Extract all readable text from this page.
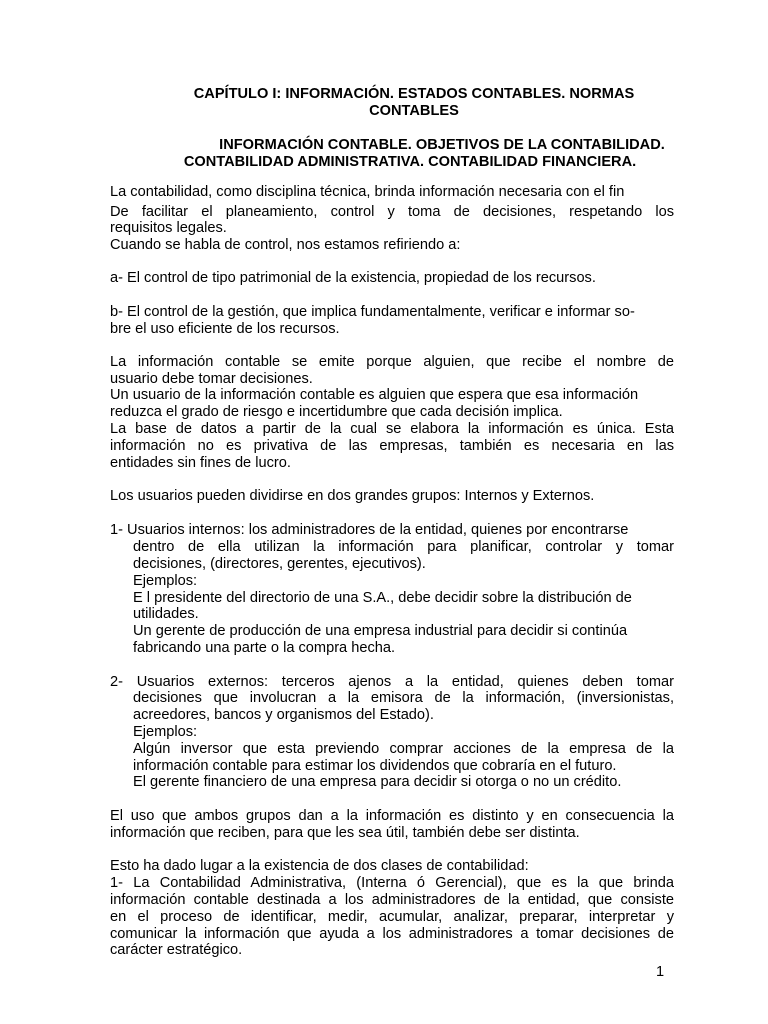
CAPÍTULO I: INFORMACIÓN. ESTADOS CONTABLES. NORMAS
CONTABLES
INFORMACIÓN CONTABLE. OBJETIVOS DE LA CONTABILIDAD.
CONTABILIDAD ADMINISTRATIVA. CONTABILIDAD FINANCIERA.
La contabilidad, como disciplina técnica, brinda información necesaria con el fin
De facilitar el planeamiento, control y toma de decisiones, respetando los
requisitos legales.
Cuando se habla de control, nos estamos refiriendo a:
a- El control de tipo patrimonial de la existencia, propiedad de los recursos.
b- El control de la gestión, que implica fundamentalmente, verificar e informar so-
bre el uso eficiente de los recursos.
La información contable se emite porque alguien, que recibe el nombre de
usuario debe tomar decisiones.
Un usuario de la información contable es alguien que espera que esa información
reduzca el grado de riesgo e incertidumbre que cada decisión implica.
La base de datos a partir de la cual se elabora la información es única. Esta
información no es privativa de las empresas, también es necesaria en las
entidades sin fines de lucro.
Los usuarios pueden dividirse en dos grandes grupos: Internos y Externos.
1- Usuarios internos: los administradores de la entidad, quienes por encontrarse
dentro de ella utilizan la información para planificar, controlar y tomar
decisiones, (directores, gerentes, ejecutivos).
Ejemplos:
E l presidente del directorio de una S.A., debe decidir sobre la distribución de
utilidades.
Un gerente de producción de una empresa industrial para decidir si continúa
fabricando una parte o la compra hecha.
2- Usuarios externos: terceros ajenos a la entidad, quienes deben tomar
decisiones que involucran a la emisora de la información, (inversionistas,
acreedores, bancos y organismos del Estado).
Ejemplos:
Algún inversor que esta previendo comprar acciones de la empresa de la
información contable para estimar los dividendos que cobraría en el futuro.
El gerente financiero de una empresa para decidir si otorga o no un crédito.
El uso que ambos grupos dan a la información es distinto y en consecuencia la
información que reciben, para que les sea útil, también debe ser distinta.
Esto ha dado lugar a la existencia de dos clases de contabilidad:
1- La Contabilidad Administrativa, (Interna ó Gerencial), que es la que brinda
información contable destinada a los administradores de la entidad, que consiste
en el proceso de identificar, medir, acumular, analizar, preparar, interpretar y
comunicar la información que ayuda a los administradores a tomar decisiones de
carácter estratégico.
1
